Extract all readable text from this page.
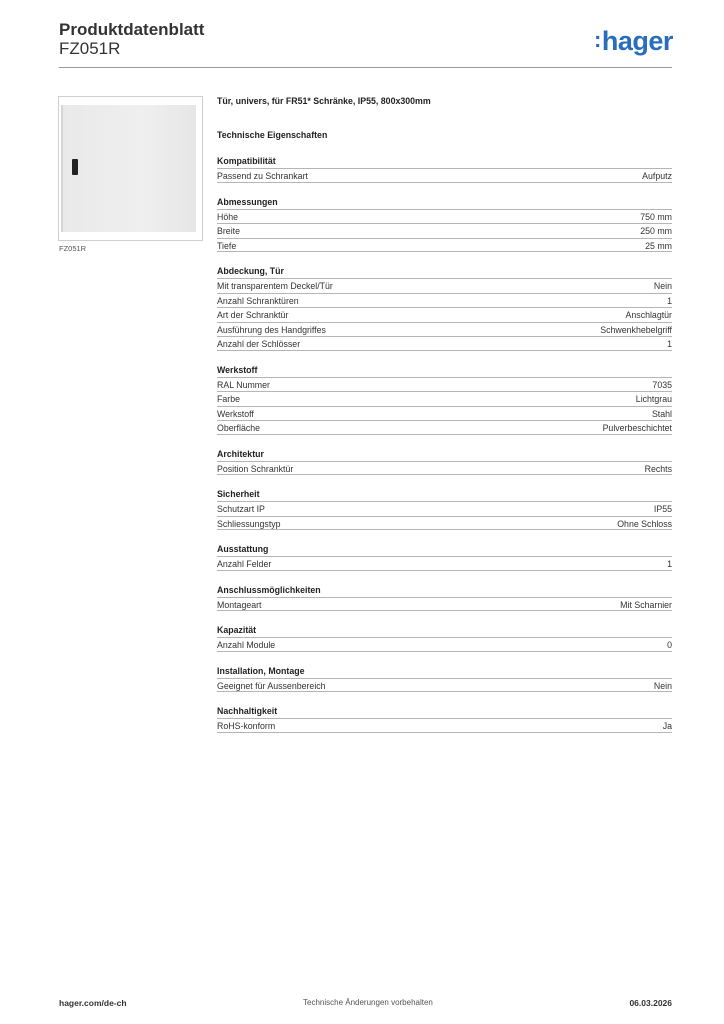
Produktdatenblatt
FZ051R	:hager
FZ051R
Tür, univers, für FR51* Schränke, IP55, 800x300mm
Technische Eigenschaften
Kompatibilität
Passend zu Schrankart	Aufputz
Abmessungen
Höhe	750 mm
Breite	250 mm
Tiefe	25 mm
Abdeckung, Tür
Mit transparentem Deckel/Tür	Nein
Anzahl Schranktüren	1
Art der Schranktür	Anschlagtür
Ausführung des Handgriffes	Schwenkhebelgriff
Anzahl der Schlösser	1
Werkstoff
RAL Nummer	7035
Farbe	Lichtgrau
Werkstoff	Stahl
Oberfläche	Pulverbeschichtet
Architektur
Position Schranktür	Rechts
Sicherheit
Schutzart IP	IP55
Schliessungstyp	Ohne Schloss
Ausstattung
Anzahl Felder	1
Anschlussmöglichkeiten
Montageart	Mit Scharnier
Kapazität
Anzahl Module	0
Installation, Montage
Geeignet für Aussenbereich	Nein
Nachhaltigkeit
RoHS-konform	Ja
hager.com/de-ch	Technische Änderungen vorbehalten	06.03.2026
